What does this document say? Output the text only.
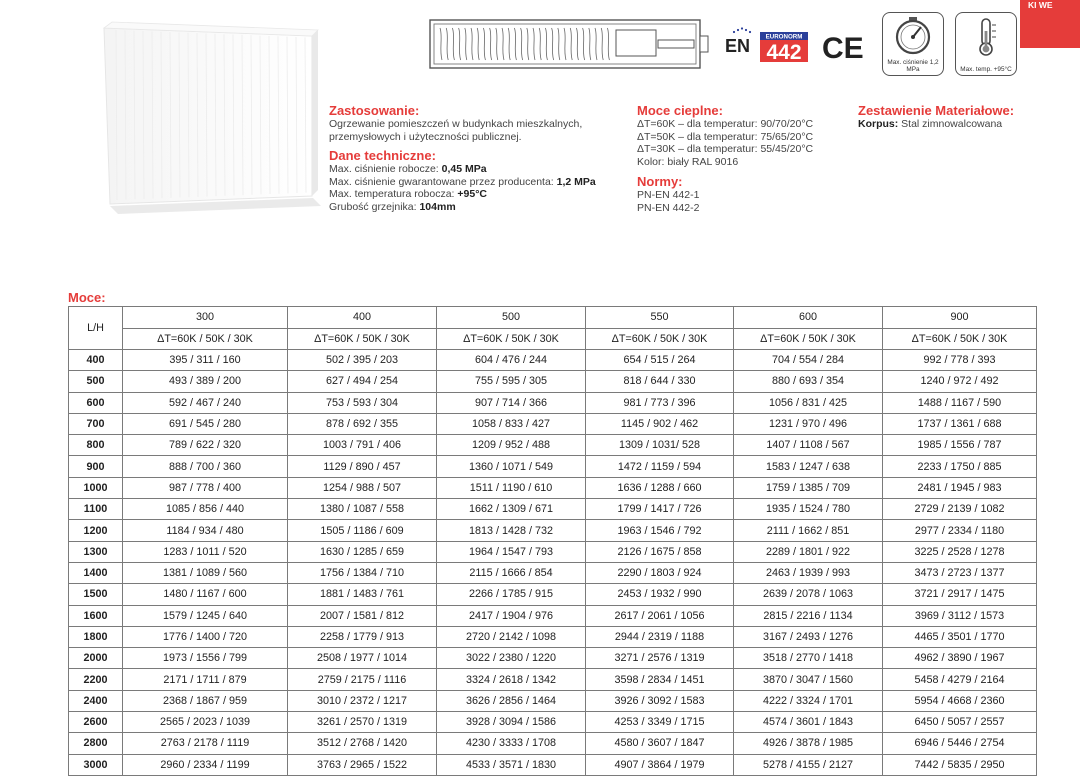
EN	EURONORM
442 CE	Max. ciśnienie 1,2 MPa	Max. temp. +95°C
KI WE
Zastosowanie:

Ogrzewanie pomieszczeń w budynkach mieszkalnych,

przemysłowych i użyteczności publicznej.

Dane techniczne:

Max. ciśnienie robocze: 0,45 MPa

Max. ciśnienie gwarantowane przez producenta: 1,2 MPa

Max. temperatura robocza: +95°C

Grubość grzejnika: 104mm

Moce cieplne:

ΔT=60K – dla temperatur: 90/70/20°C

ΔT=50K – dla temperatur: 75/65/20°C

ΔT=30K – dla temperatur: 55/45/20°C

Kolor: biały RAL 9016

Normy:

PN-EN 442-1

PN-EN 442-2

Zestawienie Materiałowe:

Korpus: Stal zimnowalcowana

Moce:
L/H	300	400	500	550	600	900
	ΔT=60K / 50K / 30K	ΔT=60K / 50K / 30K	ΔT=60K / 50K / 30K	ΔT=60K / 50K / 30K	ΔT=60K / 50K / 30K	ΔT=60K / 50K / 30K
400	395 / 311 / 160	502 / 395 / 203	604 / 476 / 244	654 / 515 / 264	704 / 554 / 284	992 / 778 / 393
500	493 / 389 / 200	627 / 494 / 254	755 / 595 / 305	818 / 644 / 330	880 / 693 / 354	1240 / 972 / 492
600	592 / 467 / 240	753 / 593 / 304	907 / 714 / 366	981 / 773 / 396	1056 / 831 / 425	1488 / 1167 / 590
700	691 / 545 / 280	878 / 692 / 355	1058 / 833 / 427	1145 / 902 / 462	1231 / 970 / 496	1737 / 1361 / 688
800	789 / 622 / 320	1003 / 791 / 406	1209 / 952 / 488	1309 / 1031/ 528	1407 / 1108 / 567	1985 / 1556 / 787
900	888 / 700 / 360	1129 / 890 / 457	1360 / 1071 / 549	1472 / 1159 / 594	1583 / 1247 / 638	2233 / 1750 / 885
1000	987 / 778 / 400	1254 / 988 / 507	1511 / 1190 / 610	1636 / 1288 / 660	1759 / 1385 / 709	2481 / 1945 / 983
1100	1085 / 856 / 440	1380 / 1087 / 558	1662 / 1309 / 671	1799 / 1417 / 726	1935 / 1524 / 780	2729 / 2139 / 1082
1200	1184 / 934 / 480	1505 / 1186 / 609	1813 / 1428 / 732	1963 / 1546 / 792	2111 / 1662 / 851	2977 / 2334 / 1180
1300	1283 / 1011 / 520	1630 / 1285 / 659	1964 / 1547 / 793	2126 / 1675 / 858	2289 / 1801 / 922	3225 / 2528 / 1278
1400	1381 / 1089 / 560	1756 / 1384 / 710	2115 / 1666 / 854	2290 / 1803 / 924	2463 / 1939 / 993	3473 / 2723 / 1377
1500	1480 / 1167 / 600	1881 / 1483 / 761	2266 / 1785 / 915	2453 / 1932 / 990	2639 / 2078 / 1063	3721 / 2917 / 1475
1600	1579 / 1245 / 640	2007 / 1581 / 812	2417 / 1904 / 976	2617 / 2061 / 1056	2815 / 2216 / 1134	3969 / 3112 / 1573
1800	1776 / 1400 / 720	2258 / 1779 / 913	2720 / 2142 / 1098	2944 / 2319 / 1188	3167 / 2493 / 1276	4465 / 3501 / 1770
2000	1973 / 1556 / 799	2508 / 1977 / 1014	3022 / 2380 / 1220	3271 / 2576 / 1319	3518 / 2770 / 1418	4962 / 3890 / 1967
2200	2171 / 1711 / 879	2759 / 2175 / 1116	3324 / 2618 / 1342	3598 / 2834 / 1451	3870 / 3047 / 1560	5458 / 4279 / 2164
2400	2368 / 1867 / 959	3010 / 2372 / 1217	3626 / 2856 / 1464	3926 / 3092 / 1583	4222 / 3324 / 1701	5954 / 4668 / 2360
2600	2565 / 2023 / 1039	3261 / 2570 / 1319	3928 / 3094 / 1586	4253 / 3349 / 1715	4574 / 3601 / 1843	6450 / 5057 / 2557
2800	2763 / 2178 / 1119	3512 / 2768 / 1420	4230 / 3333 / 1708	4580 / 3607 / 1847	4926 / 3878 / 1985	6946 / 5446 / 2754
3000	2960 / 2334 / 1199	3763 / 2965 / 1522	4533 / 3571 / 1830	4907 / 3864 / 1979	5278 / 4155 / 2127	7442 / 5835 / 2950
